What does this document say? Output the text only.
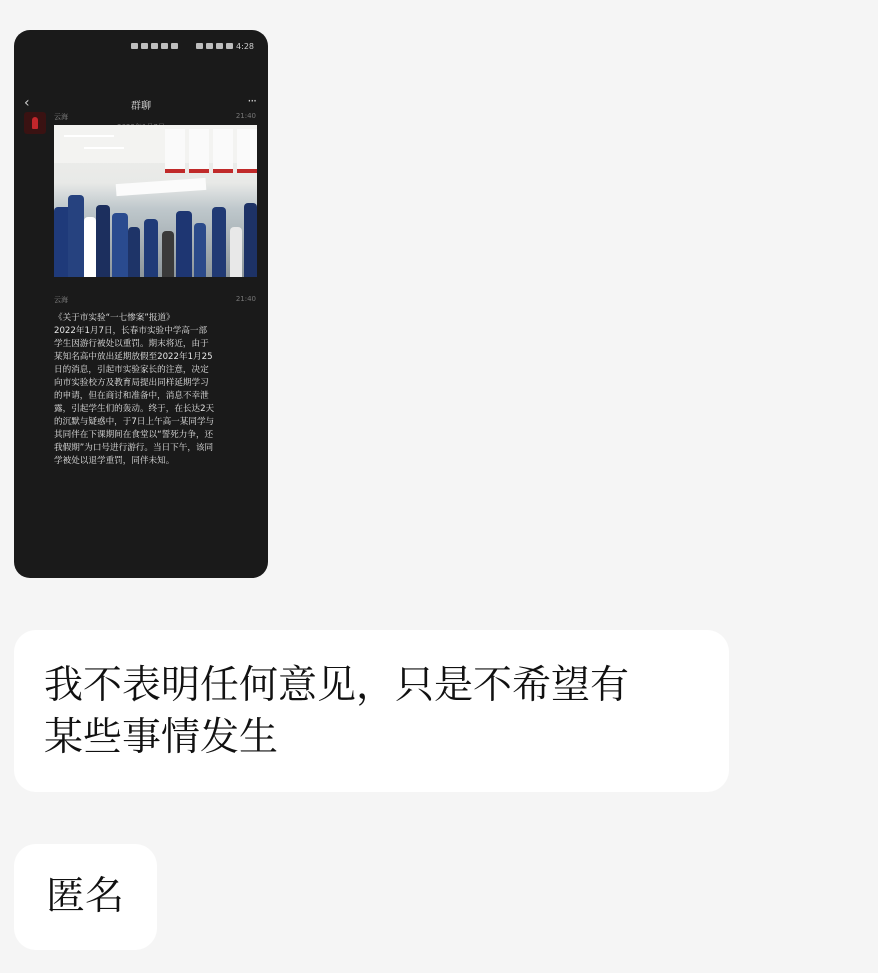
4:28
‹	群聊	···
云海	21:40
云海	21:40
《关于市实验“一七惨案”报道》
2022年1月7日，长春市实验中学高一部
学生因游行被处以重罚。期末将近，由于
某知名高中放出延期放假至2022年1月25
日的消息，引起市实验家长的注意，决定
向市实验校方及教育局提出同样延期学习
的申请，但在商讨和准备中，消息不幸泄
露，引起学生们的轰动。终于，在长达2天
的沉默与疑惑中，于7日上午高一某同学与
其同伴在下课期间在食堂以“誓死力争，还
我假期”为口号进行游行。当日下午，该同
学被处以退学重罚，同伴未知。
我不表明任何意见，只是不希望有
某些事情发生
匿名
